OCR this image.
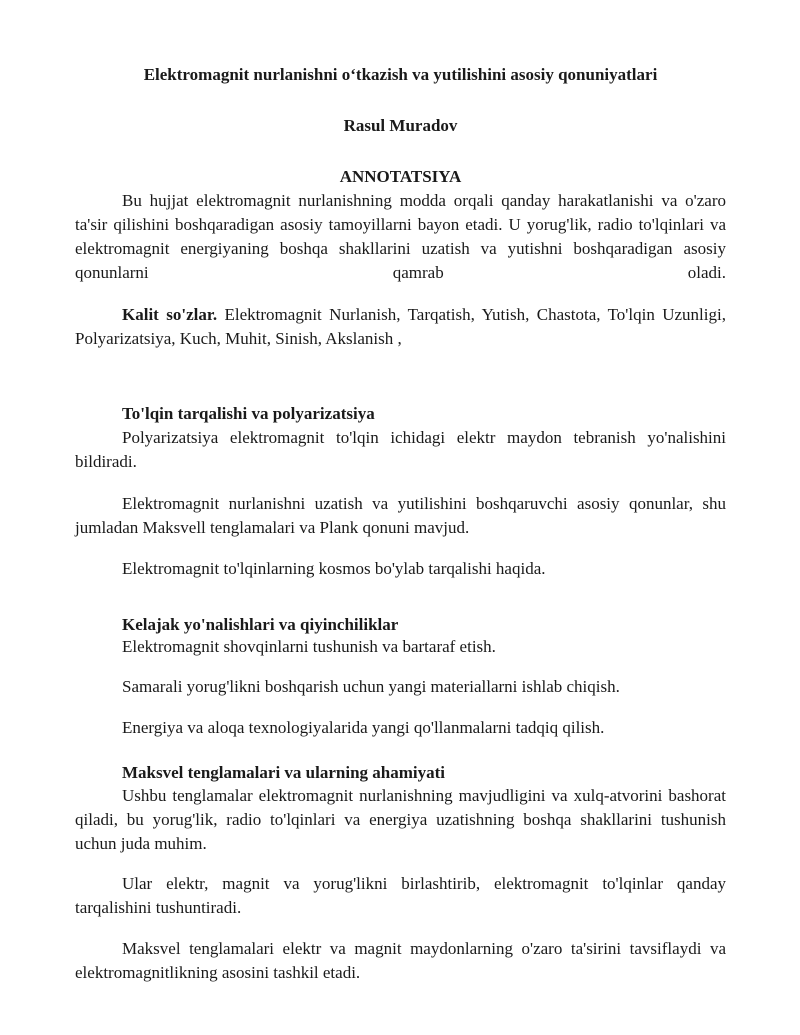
Elektromagnit nurlanishni o‘tkazish va yutilishini asosiy qonuniyatlari

Rasul Muradov

ANNOTATSIYA

Bu hujjat elektromagnit nurlanishning modda orqali qanday harakatlanishi va o'zaro ta'sir qilishini boshqaradigan asosiy tamoyillarni bayon etadi. U yorug'lik, radio to'lqinlari va elektromagnit energiyaning boshqa shakllarini uzatish va yutishni boshqaradigan asosiy qonunlarni qamrab oladi.

Kalit so'zlar. Elektromagnit Nurlanish, Tarqatish, Yutish, Chastota, To'lqin Uzunligi, Polyarizatsiya, Kuch, Muhit, Sinish, Akslanish ,

To'lqin tarqalishi va polyarizatsiya

Polyarizatsiya elektromagnit to'lqin ichidagi elektr maydon tebranish yo'nalishini bildiradi.

Elektromagnit nurlanishni uzatish va yutilishini boshqaruvchi asosiy qonunlar, shu jumladan Maksvell tenglamalari va Plank qonuni mavjud.

Elektromagnit to'lqinlarning kosmos bo'ylab tarqalishi haqida.

Kelajak yo'nalishlari va qiyinchiliklar

Elektromagnit shovqinlarni tushunish va bartaraf etish.

Samarali yorug'likni boshqarish uchun yangi materiallarni ishlab chiqish.

Energiya va aloqa texnologiyalarida yangi qo'llanmalarni tadqiq qilish.

Maksvel tenglamalari va ularning ahamiyati

Ushbu tenglamalar elektromagnit nurlanishning mavjudligini va xulq-atvorini bashorat qiladi, bu yorug'lik, radio to'lqinlari va energiya uzatishning boshqa shakllarini tushunish uchun juda muhim.

Ular elektr, magnit va yorug'likni birlashtirib, elektromagnit to'lqinlar qanday tarqalishini tushuntiradi.

Maksvel tenglamalari elektr va magnit maydonlarning o'zaro ta'sirini tavsiflaydi va elektromagnitlikning asosini tashkil etadi.
